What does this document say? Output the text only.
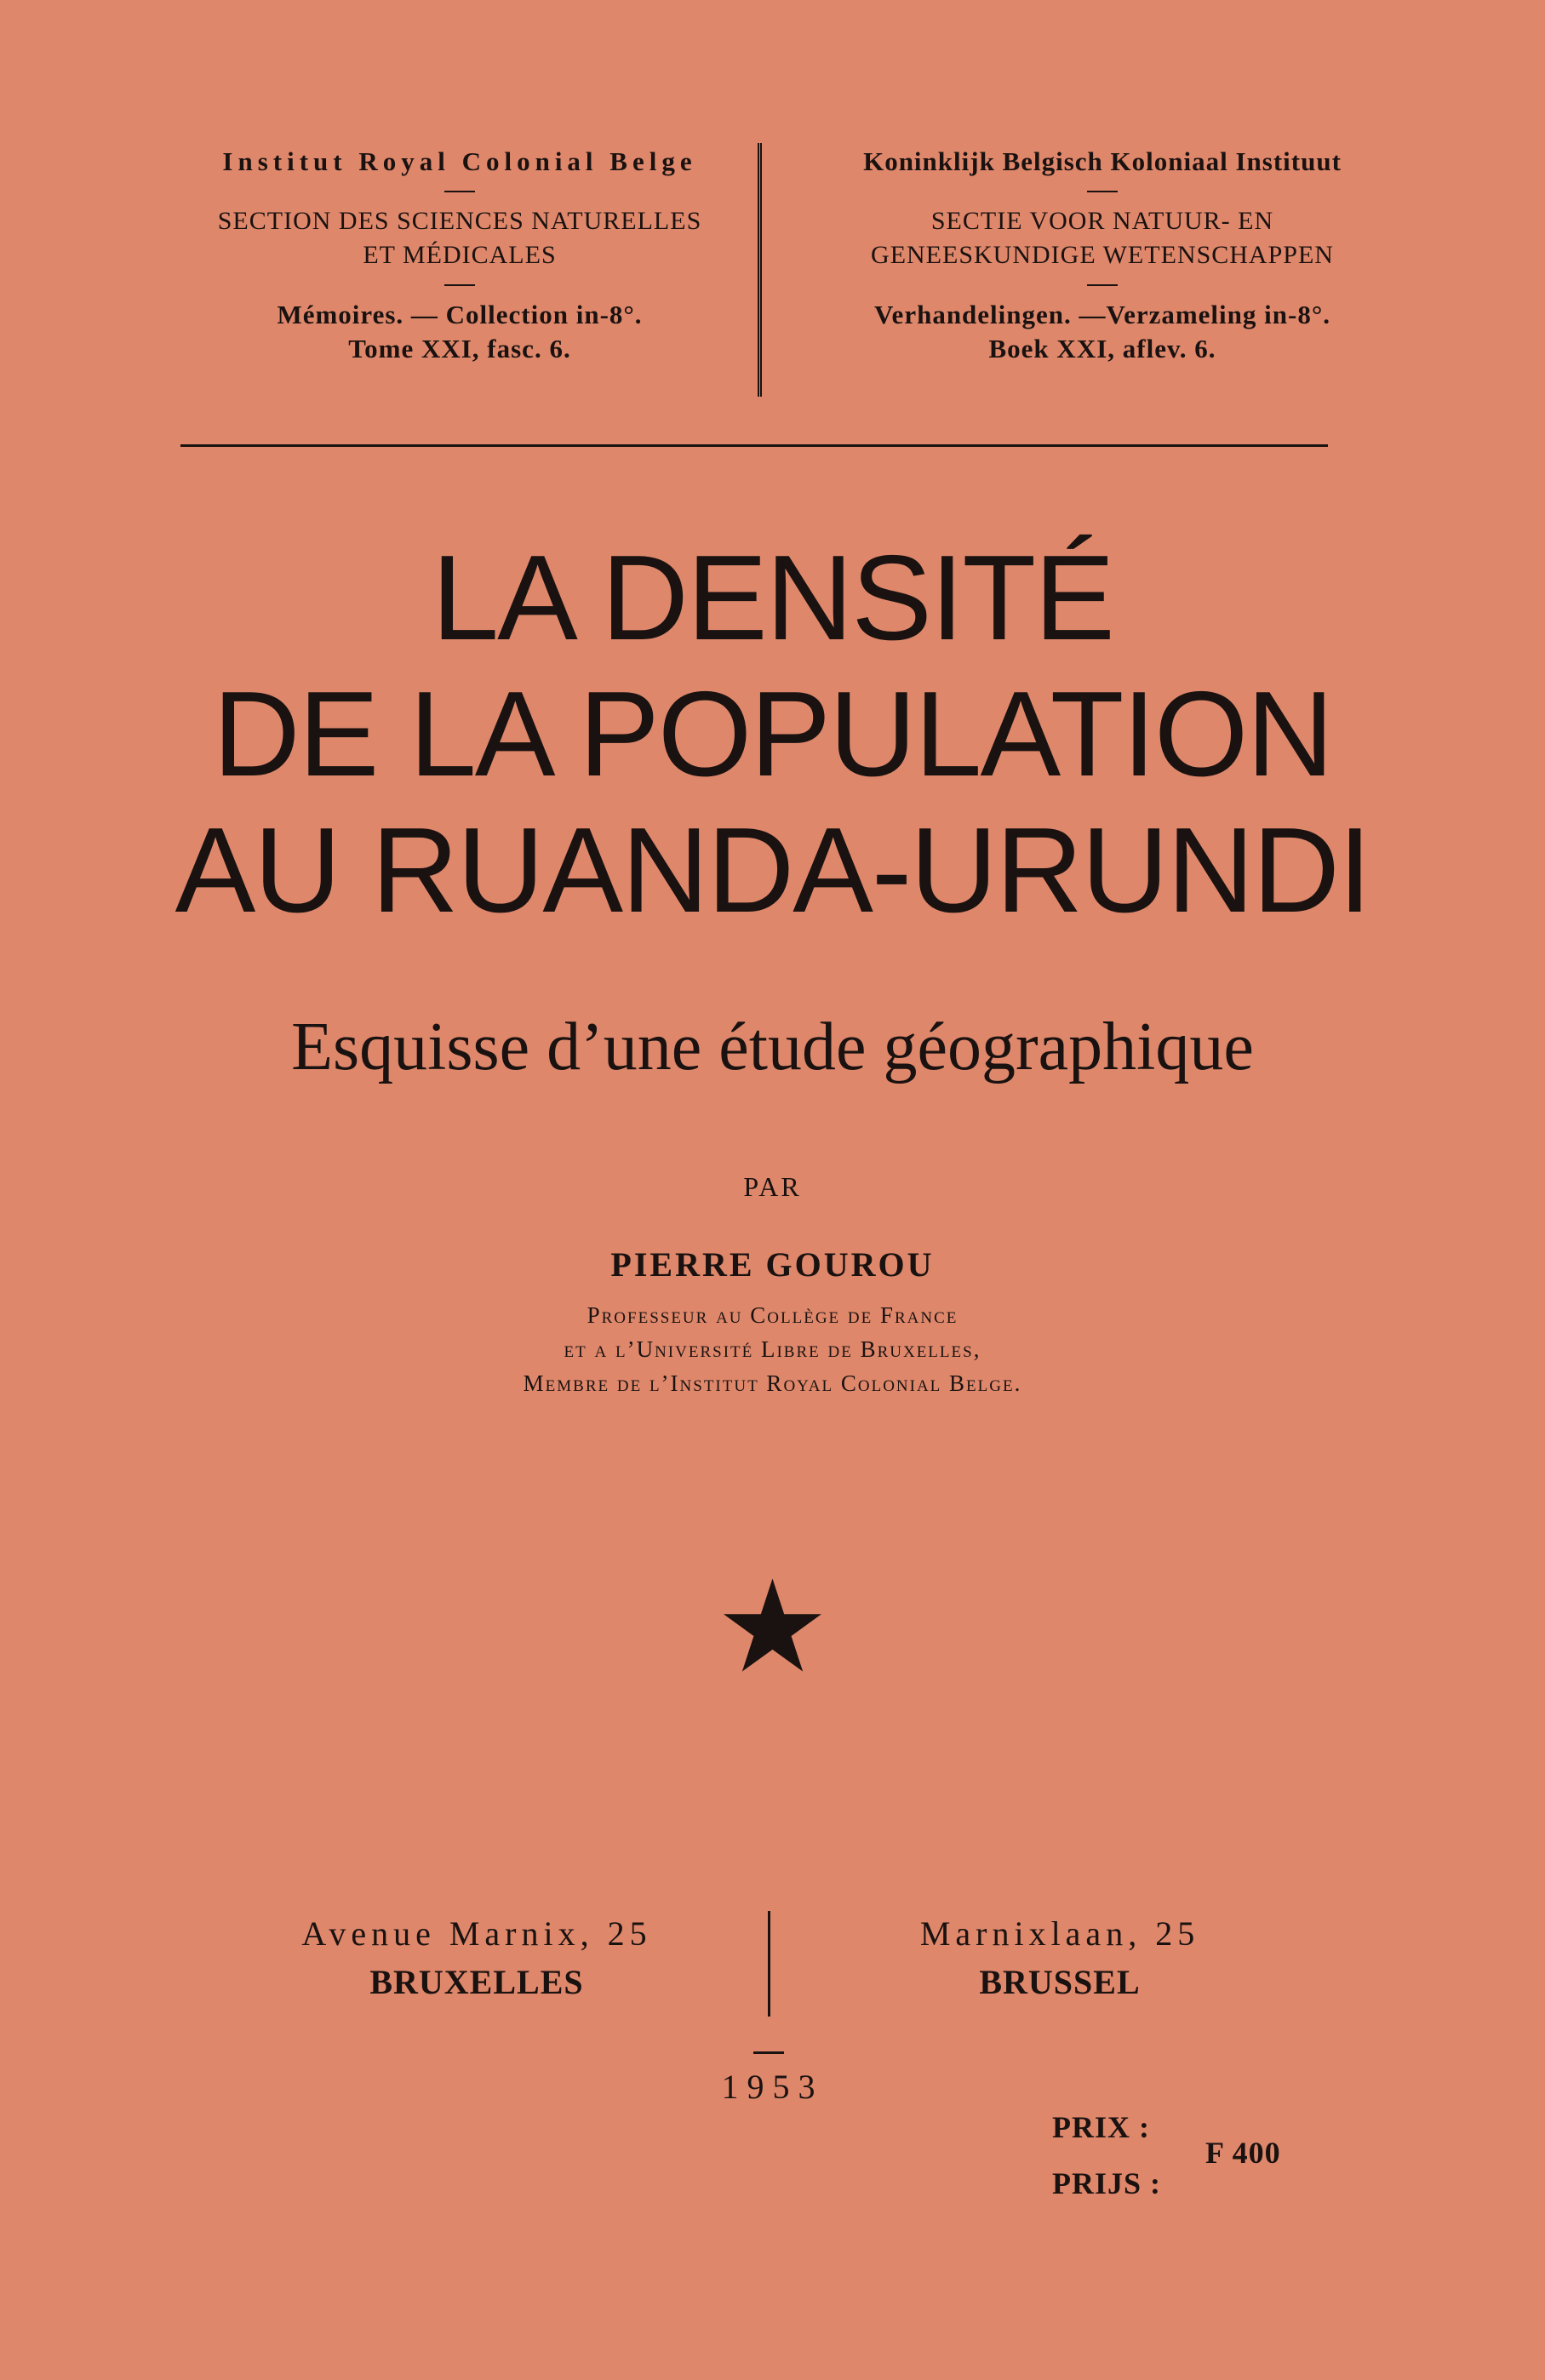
Institut Royal Colonial Belge
SECTION DES SCIENCES NATURELLES
ET MÉDICALES
Mémoires. — Collection in-8°.
Tome XXI, fasc. 6.
Koninklijk Belgisch Koloniaal Instituut
SECTIE VOOR NATUUR- EN
GENEESKUNDIGE WETENSCHAPPEN
Verhandelingen. —Verzameling in-8°.
Boek XXI, aflev. 6.
LA DENSITÉ
DE LA POPULATION
AU RUANDA-URUNDI
Esquisse d’une étude géographique
PAR
PIERRE GOUROU
Professeur au Collège de France
et a l’Université Libre de Bruxelles,
Membre de l’Institut Royal Colonial Belge.
★
Avenue Marnix, 25
BRUXELLES
Marnixlaan, 25
BRUSSEL
1953
PRIX :
PRIJS :
F 400
